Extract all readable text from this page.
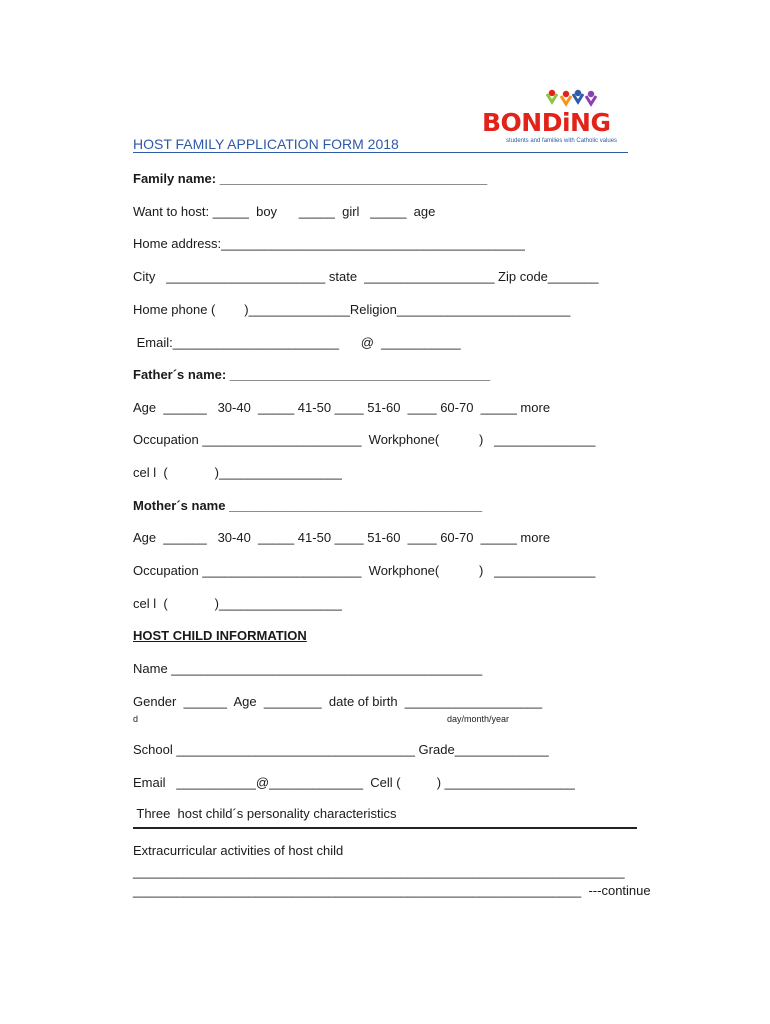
BONDiNG
students and families with Catholic values
HOST FAMILY APPLICATION FORM 2018
Family name: _____________________________________
Want to host: _____  boy      _____  girl   _____  age
Home address:__________________________________________
City   ______________________ state  __________________ Zip code_______
Home phone (        )______________Religion________________________
Email:_______________________      @  ___________
Father´s name: ____________________________________
Age  ______   30-40  _____ 41-50 ____ 51-60  ____ 60-70  _____ more
Occupation ______________________  Workphone(           )   ______________
cel l  (             )_________________
Mother´s name ___________________________________
Age  ______   30-40  _____ 41-50 ____ 51-60  ____ 60-70  _____ more
Occupation ______________________  Workphone(           )   ______________
cel l  (             )_________________
HOST CHILD INFORMATION
Name ___________________________________________
Gender  ______  Age  ________  date of birth  ___________________
d	day/month/year
School _________________________________ Grade_____________
Email   ___________@_____________  Cell (          ) __________________
Three  host child´s personality characteristics
Extracurricular activities of host child
____________________________________________________________________
______________________________________________________________  ---continue
